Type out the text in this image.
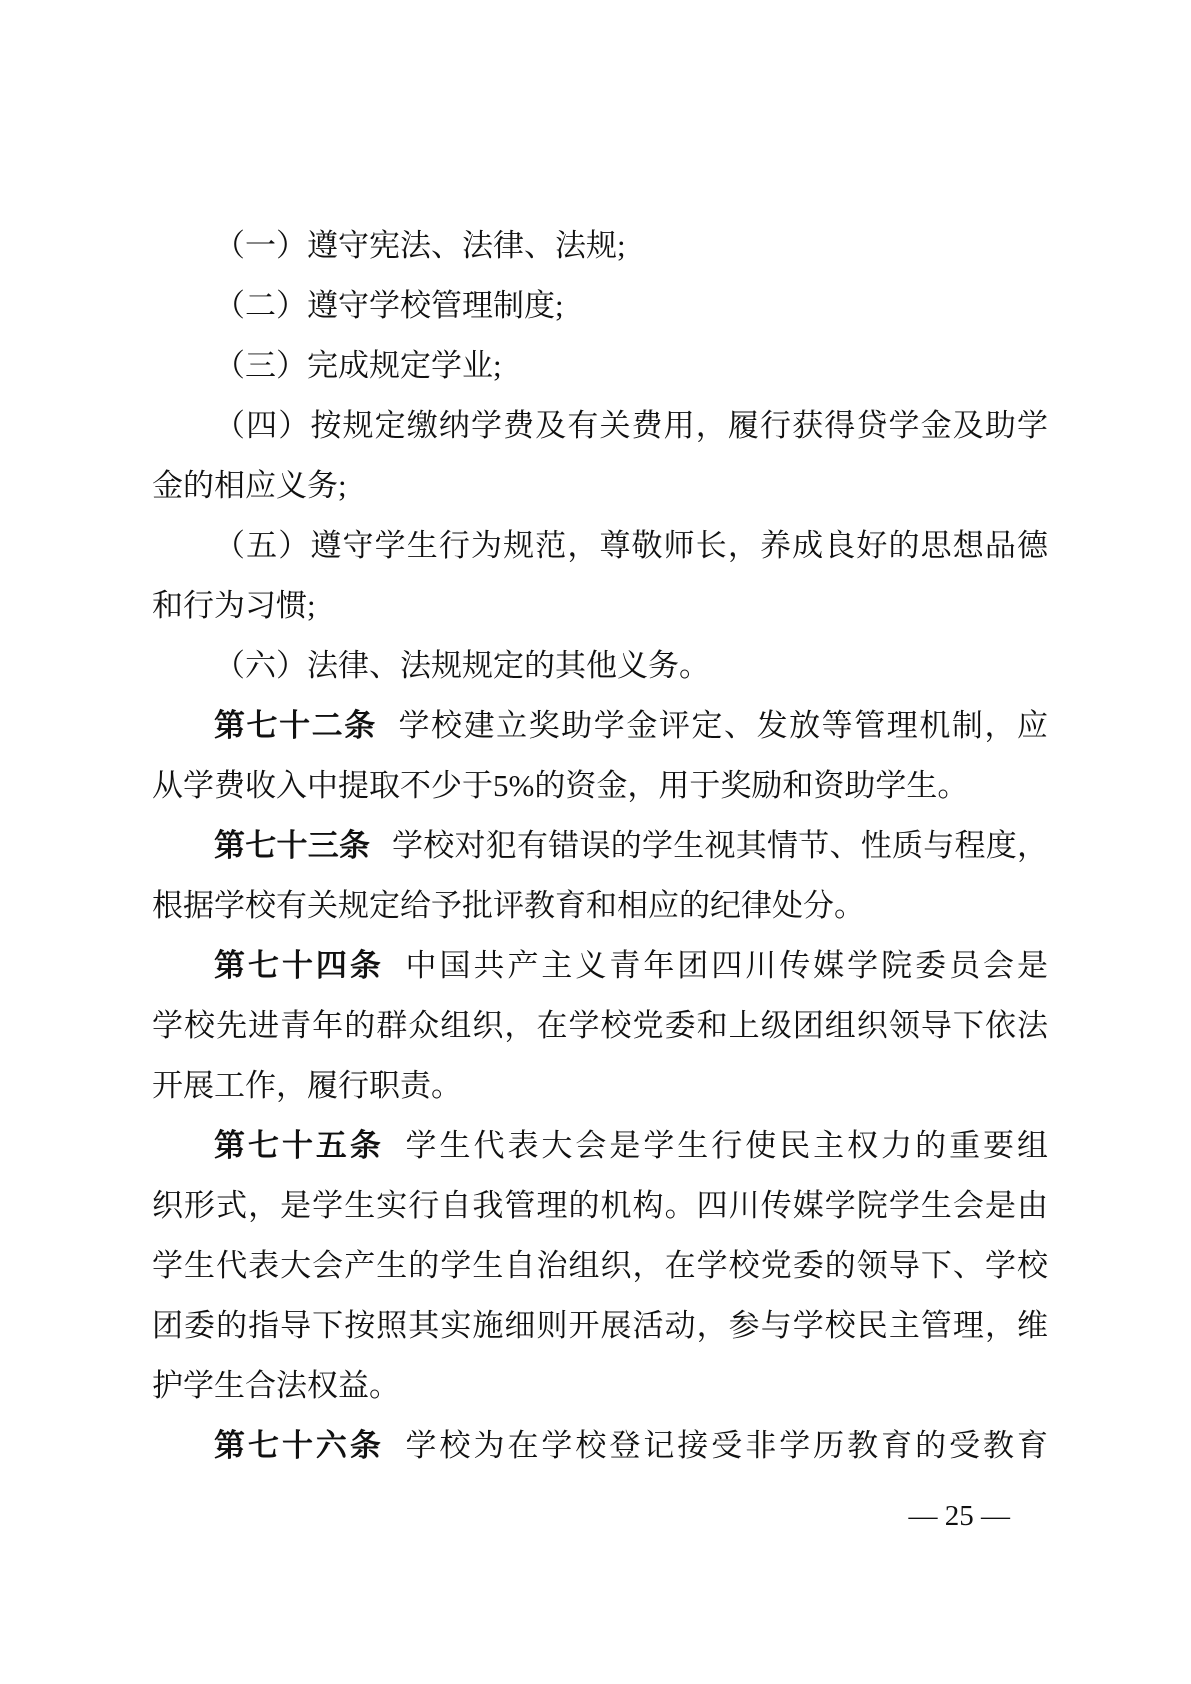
（一）遵守宪法、法律、法规;
（二）遵守学校管理制度;
（三）完成规定学业;
（四）按规定缴纳学费及有关费用，履行获得贷学金及助学
金的相应义务;
（五）遵守学生行为规范，尊敬师长，养成良好的思想品德
和行为习惯;
（六）法律、法规规定的其他义务。
第七十二条 学校建立奖助学金评定、发放等管理机制，应
从学费收入中提取不少于5%的资金，用于奖励和资助学生。
第七十三条 学校对犯有错误的学生视其情节、性质与程度，
根据学校有关规定给予批评教育和相应的纪律处分。
第七十四条 中国共产主义青年团四川传媒学院委员会是
学校先进青年的群众组织，在学校党委和上级团组织领导下依法
开展工作，履行职责。
第七十五条 学生代表大会是学生行使民主权力的重要组
织形式，是学生实行自我管理的机构。四川传媒学院学生会是由
学生代表大会产生的学生自治组织，在学校党委的领导下、学校
团委的指导下按照其实施细则开展活动，参与学校民主管理，维
护学生合法权益。
第七十六条 学校为在学校登记接受非学历教育的受教育
— 25 —
